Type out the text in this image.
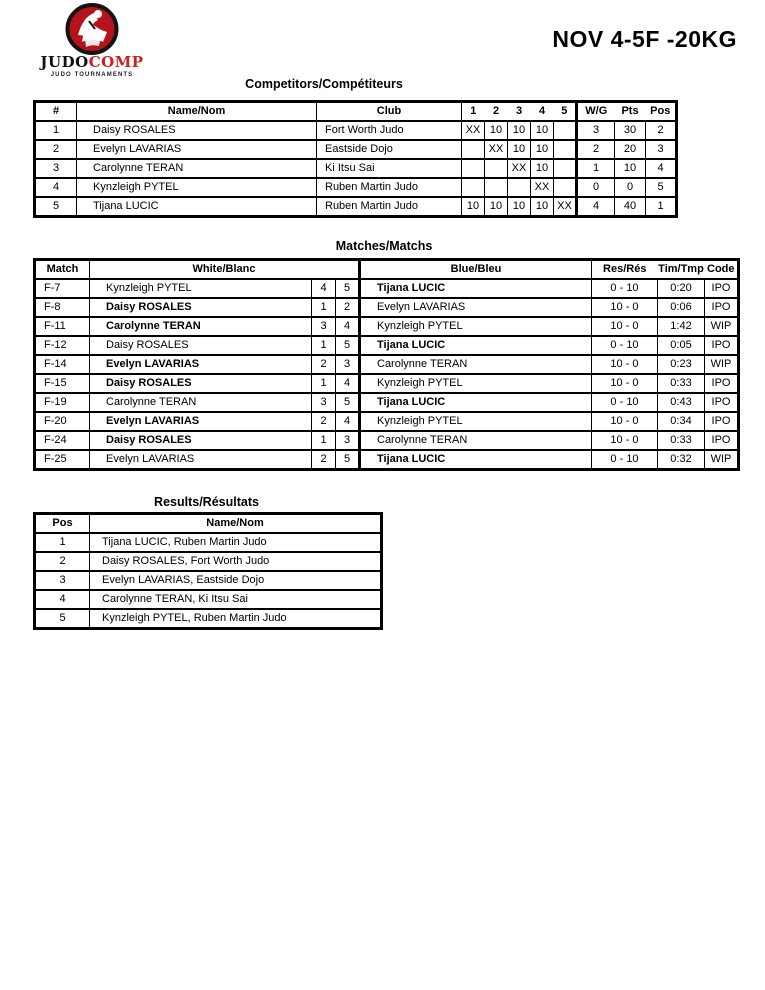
JUDOCOMP
JUDO TOURNAMENTS
NOV 4-5F -20KG
Competitors/Compétiteurs
#	Name/Nom	Club	1	2	3	4	5	W/G	Pts	Pos
1	Daisy ROSALES	Fort Worth Judo	XX	10	10	10		3	30	2
2	Evelyn LAVARIAS	Eastside Dojo		XX	10	10		2	20	3
3	Carolynne TERAN	Ki Itsu Sai			XX	10		1	10	4
4	Kynzleigh PYTEL	Ruben Martin Judo				XX		0	0	5
5	Tijana LUCIC	Ruben Martin Judo	10	10	10	10	XX	4	40	1
Matches/Matchs
Match	White/Blanc			Blue/Bleu	Res/Rés	Tim/Tmp	Code
F-7	Kynzleigh PYTEL	4	5	Tijana LUCIC	0 - 10	0:20	IPO
F-8	Daisy ROSALES	1	2	Evelyn LAVARIAS	10 - 0	0:06	IPO
F-11	Carolynne TERAN	3	4	Kynzleigh PYTEL	10 - 0	1:42	WIP
F-12	Daisy ROSALES	1	5	Tijana LUCIC	0 - 10	0:05	IPO
F-14	Evelyn LAVARIAS	2	3	Carolynne TERAN	10 - 0	0:23	WIP
F-15	Daisy ROSALES	1	4	Kynzleigh PYTEL	10 - 0	0:33	IPO
F-19	Carolynne TERAN	3	5	Tijana LUCIC	0 - 10	0:43	IPO
F-20	Evelyn LAVARIAS	2	4	Kynzleigh PYTEL	10 - 0	0:34	IPO
F-24	Daisy ROSALES	1	3	Carolynne TERAN	10 - 0	0:33	IPO
F-25	Evelyn LAVARIAS	2	5	Tijana LUCIC	0 - 10	0:32	WIP
Results/Résultats
Pos	Name/Nom
1	Tijana LUCIC, Ruben Martin Judo
2	Daisy ROSALES, Fort Worth Judo
3	Evelyn LAVARIAS, Eastside Dojo
4	Carolynne TERAN, Ki Itsu Sai
5	Kynzleigh PYTEL, Ruben Martin Judo
